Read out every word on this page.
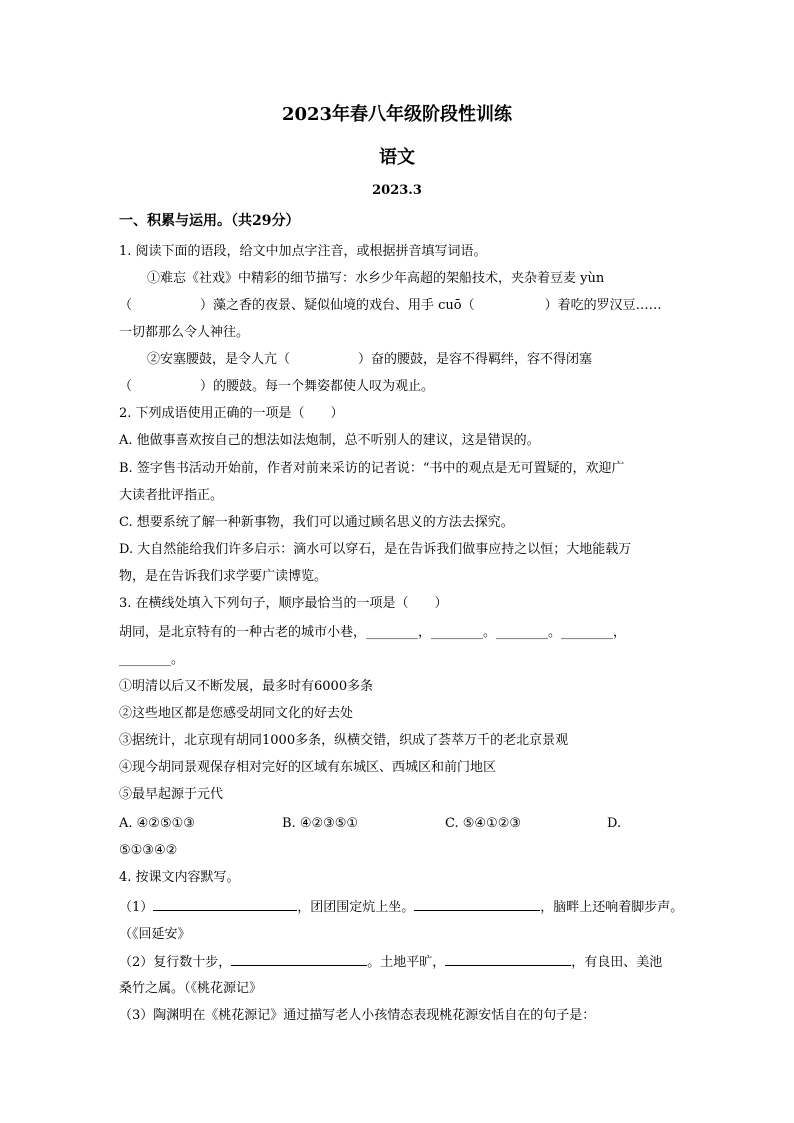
2023年春八年级阶段性训练
语文
2023.3
一、积累与运用。（共29分）
1. 阅读下面的语段，给文中加点字注音，或根据拼音填写词语。
①难忘《社戏》中精彩的细节描写：水乡少年高超的架船技术，夹杂着豆麦 yùn
（	）藻之香的夜景、疑似仙境的戏台、用手 cuō（	）着吃的罗汉豆……
一切都那么令人神往。
②安塞腰鼓，是令人亢（	）奋的腰鼓，是容不得羁绊，容不得闭塞
（	）的腰鼓。每一个舞姿都使人叹为观止。
2. 下列成语使用正确的一项是（　　）
A. 他做事喜欢按自己的想法如法炮制，总不听别人的建议，这是错误的。
B. 签字售书活动开始前，作者对前来采访的记者说：“书中的观点是无可置疑的，欢迎广
大读者批评指正。
C. 想要系统了解一种新事物，我们可以通过顾名思义的方法去探究。
D. 大自然能给我们许多启示：滴水可以穿石，是在告诉我们做事应持之以恒；大地能载万
物，是在告诉我们求学要广读博览。
3. 在横线处填入下列句子，顺序最恰当的一项是（　　）
胡同，是北京特有的一种古老的城市小巷，________，________。________。________，
________。
①明清以后又不断发展，最多时有6000多条
②这些地区都是您感受胡同文化的好去处
③据统计，北京现有胡同1000多条，纵横交错，织成了荟萃万千的老北京景观
④现今胡同景观保存相对完好的区域有东城区、西城区和前门地区
⑤最早起源于元代
A. ④②⑤①③	B. ④②③⑤①	C. ⑤④①②③	D.
⑤①③④②
4. 按课文内容默写。
（1）	，团团围定炕上坐。	，脑畔上还响着脚步声。
（《回延安》
（2）复行数十步，	。土地平旷，	，有良田、美池
桑竹之属。（《桃花源记》
（3）陶渊明在《桃花源记》通过描写老人小孩情态表现桃花源安恬自在的句子是：
